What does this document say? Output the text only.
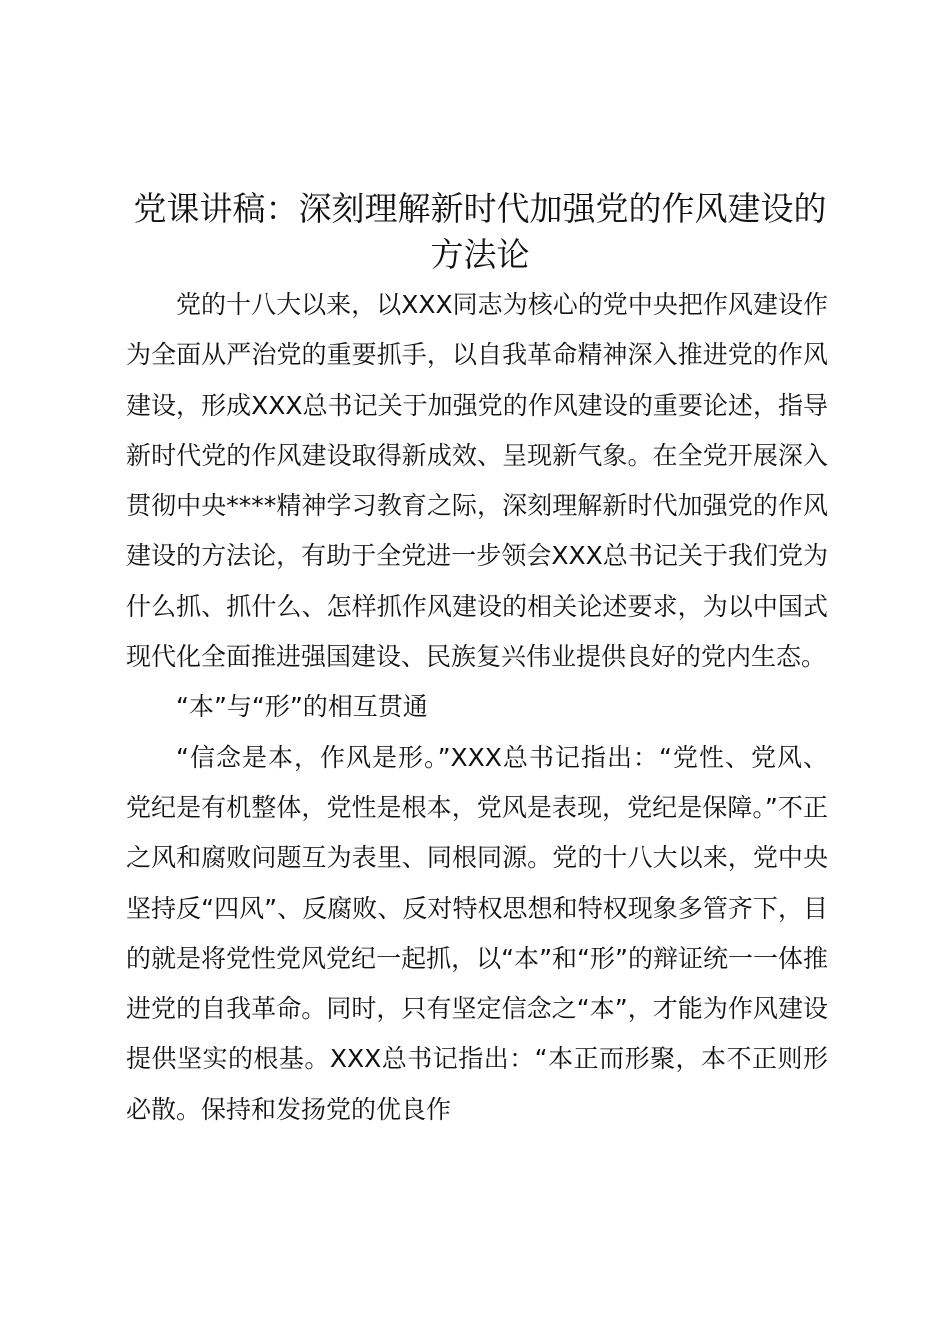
党课讲稿：深刻理解新时代加强党的作风建设的方法论

党的十八大以来，以XXX同志为核心的党中央把作风建设作为全面从严治党的重要抓手，以自我革命精神深入推进党的作风建设，形成XXX总书记关于加强党的作风建设的重要论述，指导新时代党的作风建设取得新成效、呈现新气象。在全党开展深入贯彻中央****精神学习教育之际，深刻理解新时代加强党的作风建设的方法论，有助于全党进一步领会XXX总书记关于我们党为什么抓、抓什么、怎样抓作风建设的相关论述要求，为以中国式现代化全面推进强国建设、民族复兴伟业提供良好的党内生态。

“本”与“形”的相互贯通

“信念是本，作风是形。”XXX总书记指出：“党性、党风、党纪是有机整体，党性是根本，党风是表现，党纪是保障。”不正之风和腐败问题互为表里、同根同源。党的十八大以来，党中央坚持反“四风”、反腐败、反对特权思想和特权现象多管齐下，目的就是将党性党风党纪一起抓，以“本”和“形”的辩证统一一体推进党的自我革命。同时，只有坚定信念之“本”，才能为作风建设提供坚实的根基。XXX总书记指出：“本正而形聚，本不正则形必散。保持和发扬党的优良作
